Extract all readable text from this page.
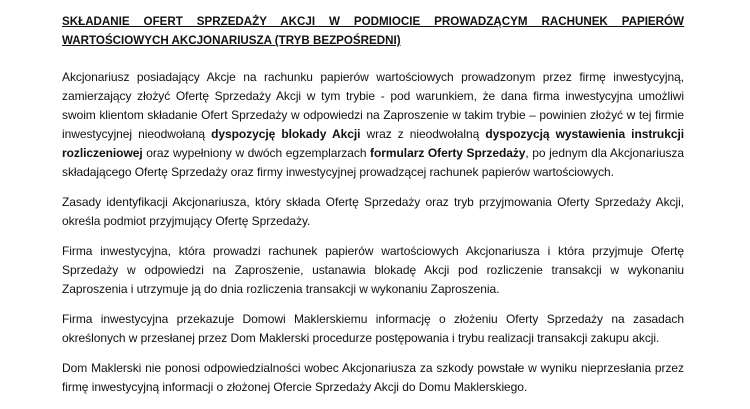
SKŁADANIE OFERT SPRZEDAŻY AKCJI W PODMIOCIE PROWADZĄCYM RACHUNEK PAPIERÓW WARTOŚCIOWYCH AKCJONARIUSZA (TRYB BEZPOŚREDNI)

Akcjonariusz posiadający Akcje na rachunku papierów wartościowych prowadzonym przez firmę inwestycyjną, zamierzający złożyć Ofertę Sprzedaży Akcji w tym trybie - pod warunkiem, że dana firma inwestycyjna umożliwi swoim klientom składanie Ofert Sprzedaży w odpowiedzi na Zaproszenie w takim trybie – powinien złożyć w tej firmie inwestycyjnej nieodwołaną dyspozycję blokady Akcji wraz z nieodwołalną dyspozycją wystawienia instrukcji rozliczeniowej oraz wypełniony w dwóch egzemplarzach formularz Oferty Sprzedaży, po jednym dla Akcjonariusza składającego Ofertę Sprzedaży oraz firmy inwestycyjnej prowadzącej rachunek papierów wartościowych.

Zasady identyfikacji Akcjonariusza, który składa Ofertę Sprzedaży oraz tryb przyjmowania Oferty Sprzedaży Akcji, określa podmiot przyjmujący Ofertę Sprzedaży.

Firma inwestycyjna, która prowadzi rachunek papierów wartościowych Akcjonariusza i która przyjmuje Ofertę Sprzedaży w odpowiedzi na Zaproszenie, ustanawia blokadę Akcji pod rozliczenie transakcji w wykonaniu Zaproszenia i utrzymuje ją do dnia rozliczenia transakcji w wykonaniu Zaproszenia.

Firma inwestycyjna przekazuje Domowi Maklerskiemu informację o złożeniu Oferty Sprzedaży na zasadach określonych w przesłanej przez Dom Maklerski procedurze postępowania i trybu realizacji transakcji zakupu akcji.

Dom Maklerski nie ponosi odpowiedzialności wobec Akcjonariusza za szkody powstałe w wyniku nieprzesłania przez firmę inwestycyjną informacji o złożonej Ofercie Sprzedaży Akcji do Domu Maklerskiego.
